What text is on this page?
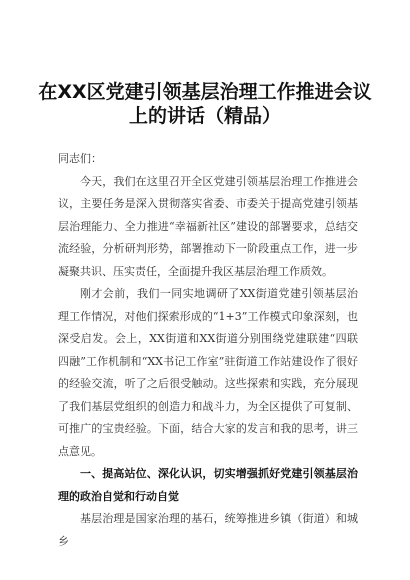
在XX区党建引领基层治理工作推进会议
上的讲话（精品）

同志们：

今天，我们在这里召开全区党建引领基层治理工作推进会议，主要任务是深入贯彻落实省委、市委关于提高党建引领基层治理能力、全力推进“幸福新社区”建设的部署要求，总结交流经验，分析研判形势，部署推动下一阶段重点工作，进一步凝聚共识、压实责任，全面提升我区基层治理工作质效。

刚才会前，我们一同实地调研了XX街道党建引领基层治理工作情况，对他们探索形成的“1+3”工作模式印象深刻，也深受启发。会上，XX街道和XX街道分别围绕党建联建“四联四融”工作机制和“XX书记工作室”驻街道工作站建设作了很好的经验交流，听了之后很受触动。这些探索和实践，充分展现了我们基层党组织的创造力和战斗力，为全区提供了可复制、可推广的宝贵经验。下面，结合大家的发言和我的思考，讲三点意见。

一、提高站位、深化认识，切实增强抓好党建引领基层治理的政治自觉和行动自觉

基层治理是国家治理的基石，统筹推进乡镇（街道）和城乡
